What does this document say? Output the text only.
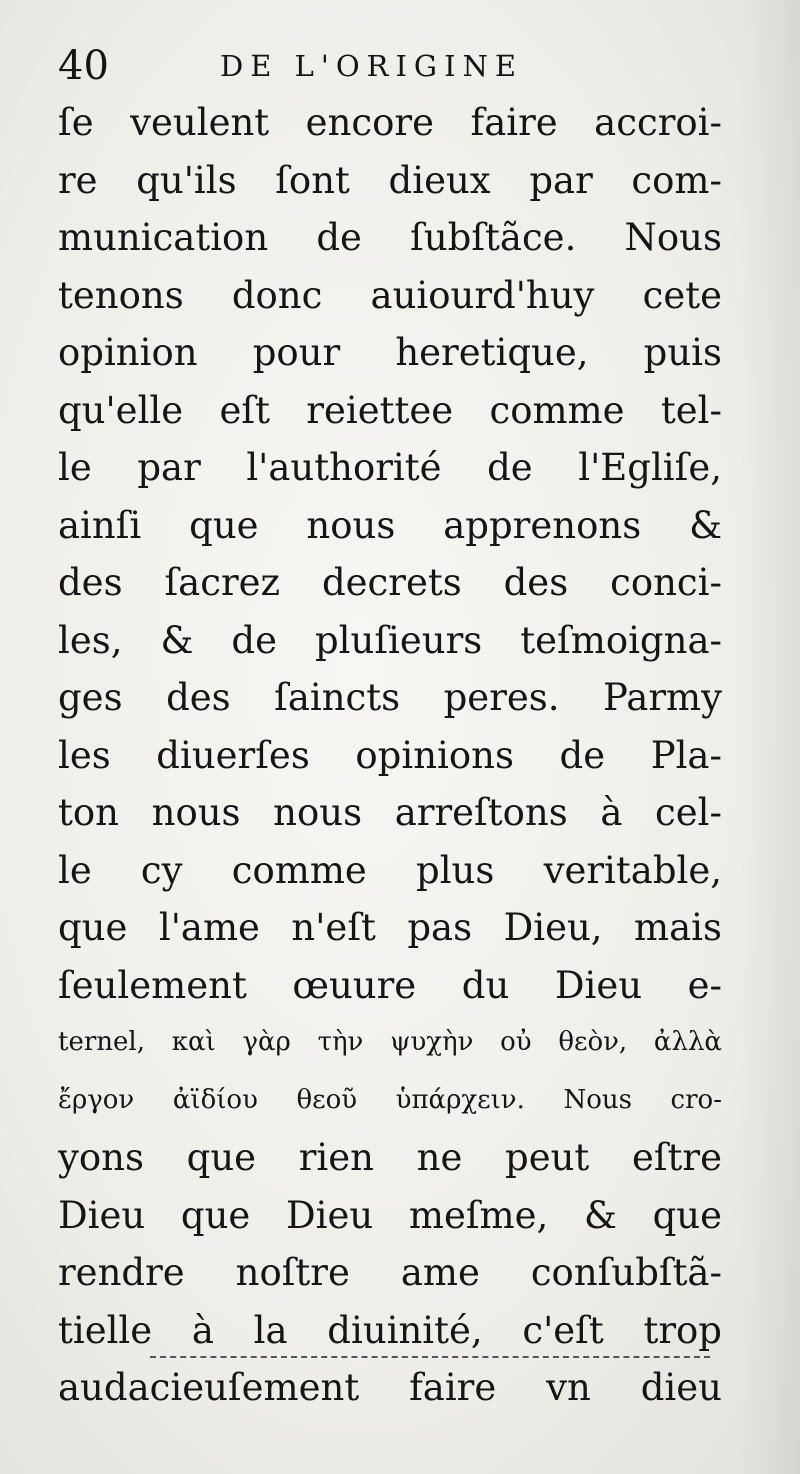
40	DE L'ORIGINE
ſe veulent encore faire accroi-
re qu'ils ſont dieux par com-
munication de ſubſtãce. Nous
tenons donc auiourd'huy cete
opinion pour heretique, puis
qu'elle eſt reiettee comme tel-
le par l'authorité de l'Egliſe,
ainſi que nous apprenons &
des ſacrez decrets des conci-
les, & de pluſieurs teſmoigna-
ges des ſaincts peres. Parmy
les diuerſes opinions de Pla-
ton nous nous arreſtons à cel-
le cy comme plus veritable,
que l'ame n'eſt pas Dieu, mais
ſeulement œuure du Dieu e-
ternel, καὶ γὰρ τὴν ψυχὴν οὐ θεὸν, ἀλλὰ
ἔργον ἀϊδίου θεοῦ ὑπάρχειν. Nous cro-
yons que rien ne peut eſtre
Dieu que Dieu meſme, & que
rendre noſtre ame conſubſtã-
tielle à la diuinité, c'eſt trop
audacieuſement faire vn dieu
